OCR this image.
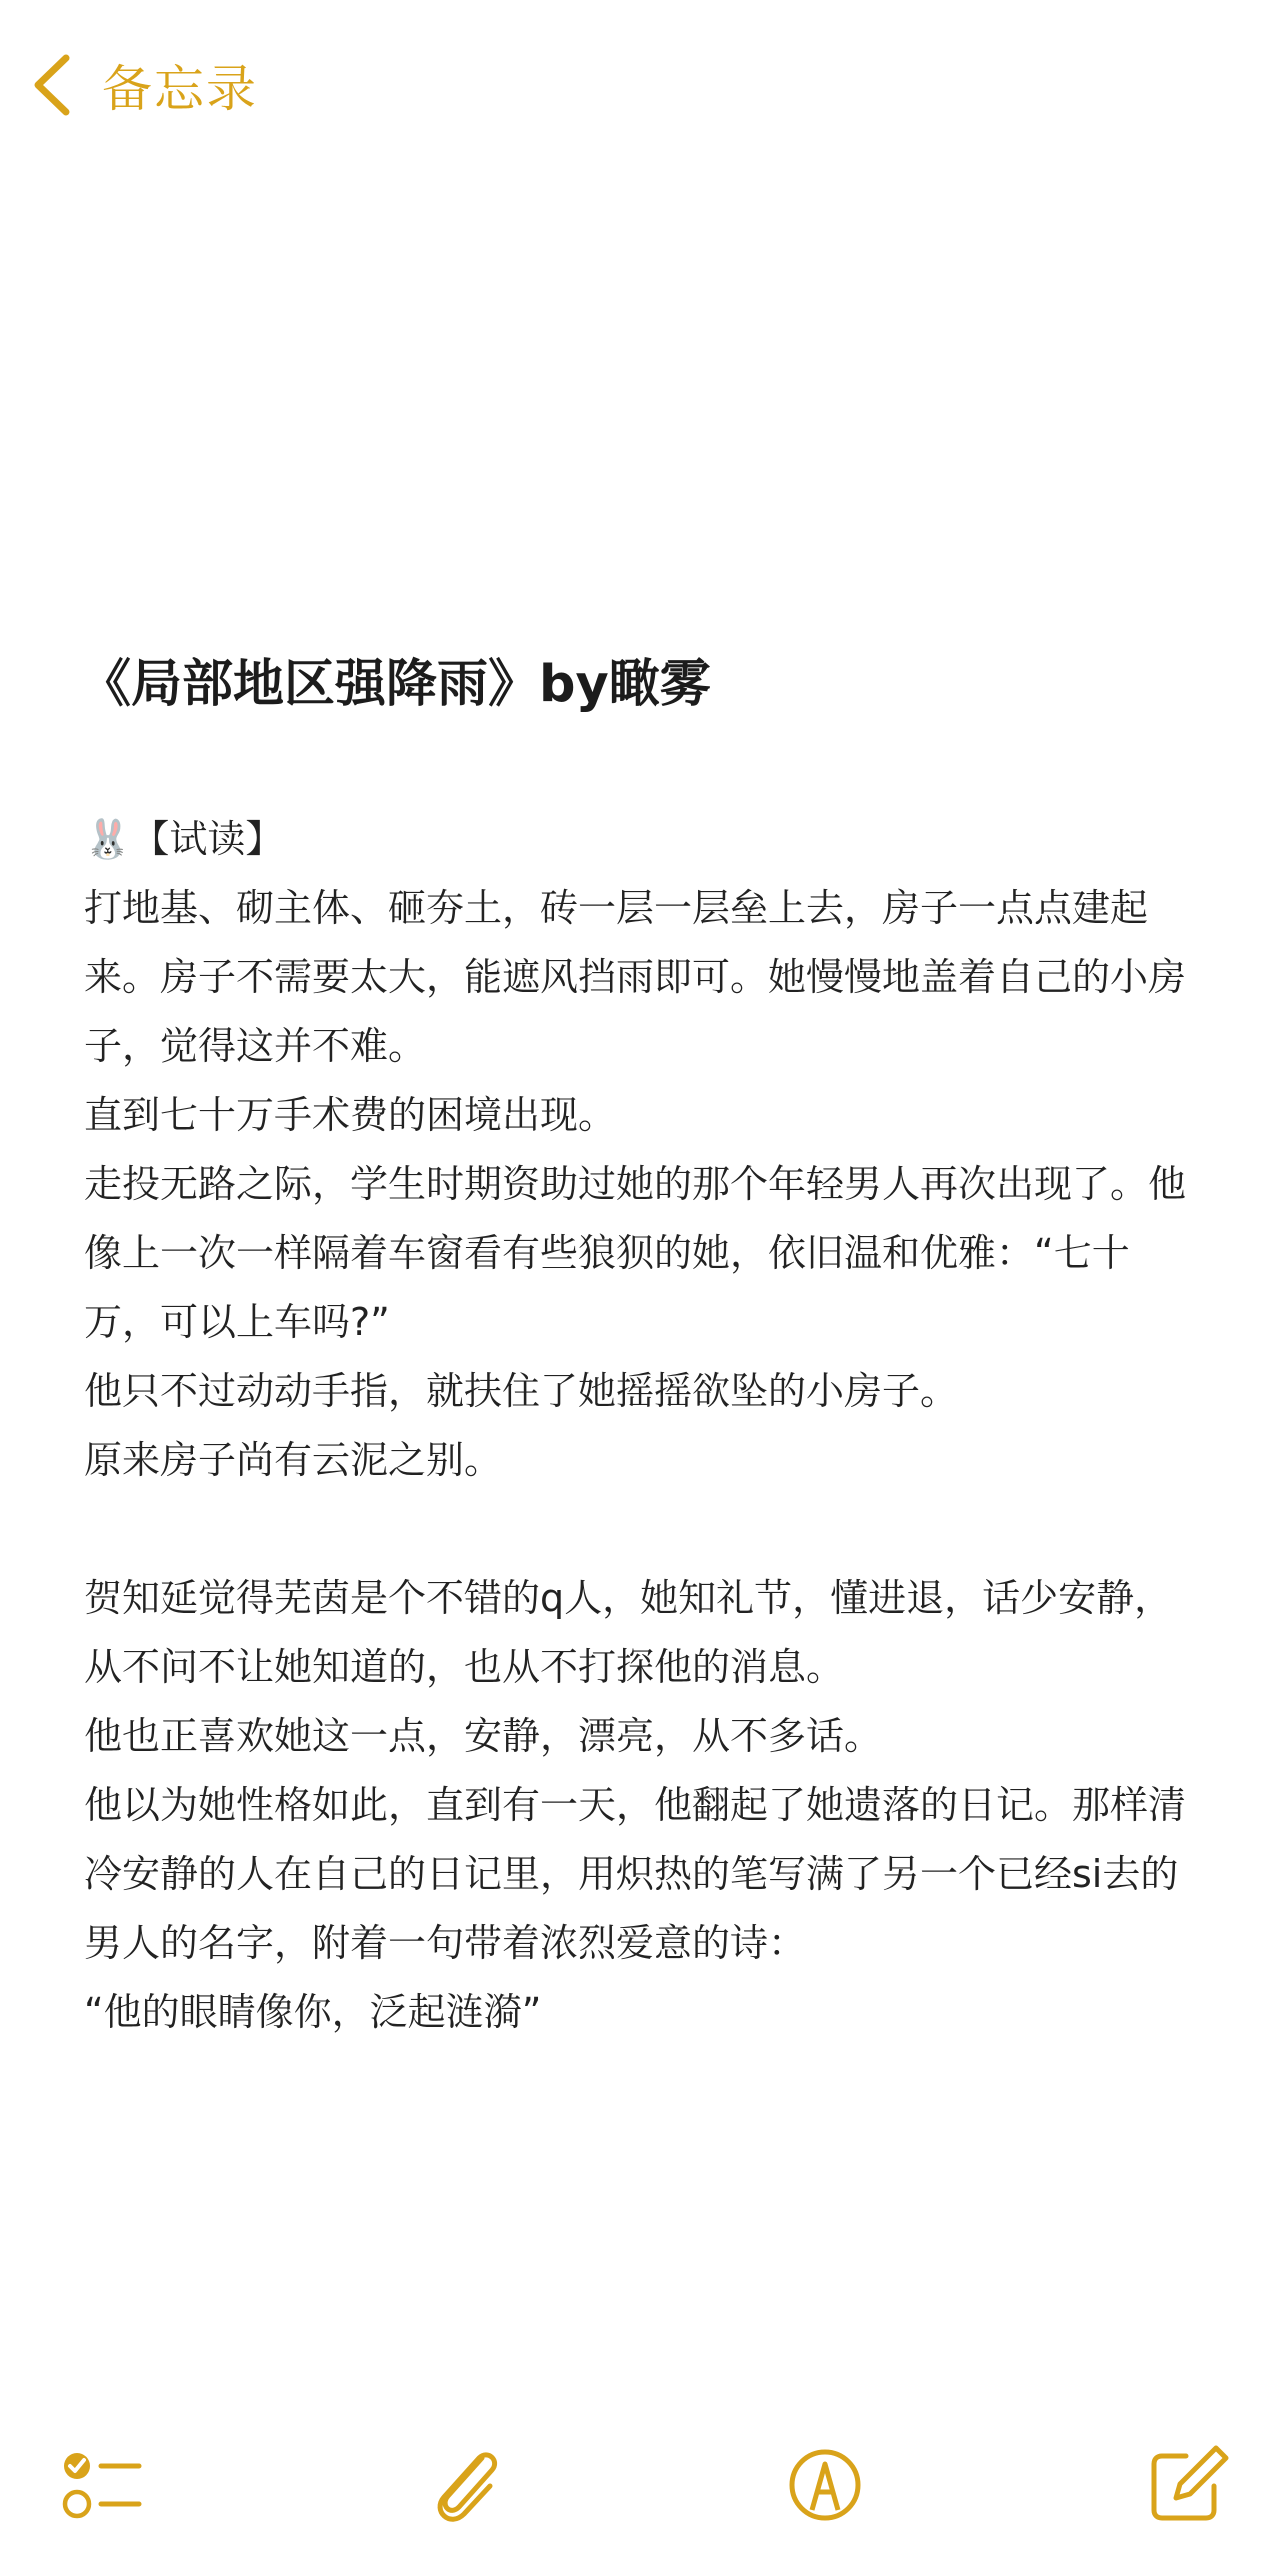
备忘录
《局部地区强降雨》by瞰雾

🐰【试读】

打地基、砌主体、砸夯土，砖一层一层垒上去，房子一点点建起来。房子不需要太大，能遮风挡雨即可。她慢慢地盖着自己的小房子，觉得这并不难。

直到七十万手术费的困境出现。

走投无路之际，学生时期资助过她的那个年轻男人再次出现了。他像上一次一样隔着车窗看有些狼狈的她，依旧温和优雅：“七十万，可以上车吗?”

他只不过动动手指，就扶住了她摇摇欲坠的小房子。

原来房子尚有云泥之别。

贺知延觉得芜茵是个不错的q人，她知礼节，懂进退，话少安静，从不问不让她知道的，也从不打探他的消息。

他也正喜欢她这一点，安静，漂亮，从不多话。

他以为她性格如此，直到有一天，他翻起了她遗落的日记。那样清冷安静的人在自己的日记里，用炽热的笔写满了另一个已经si去的男人的名字，附着一句带着浓烈爱意的诗：

“他的眼睛像你，泛起涟漪”
